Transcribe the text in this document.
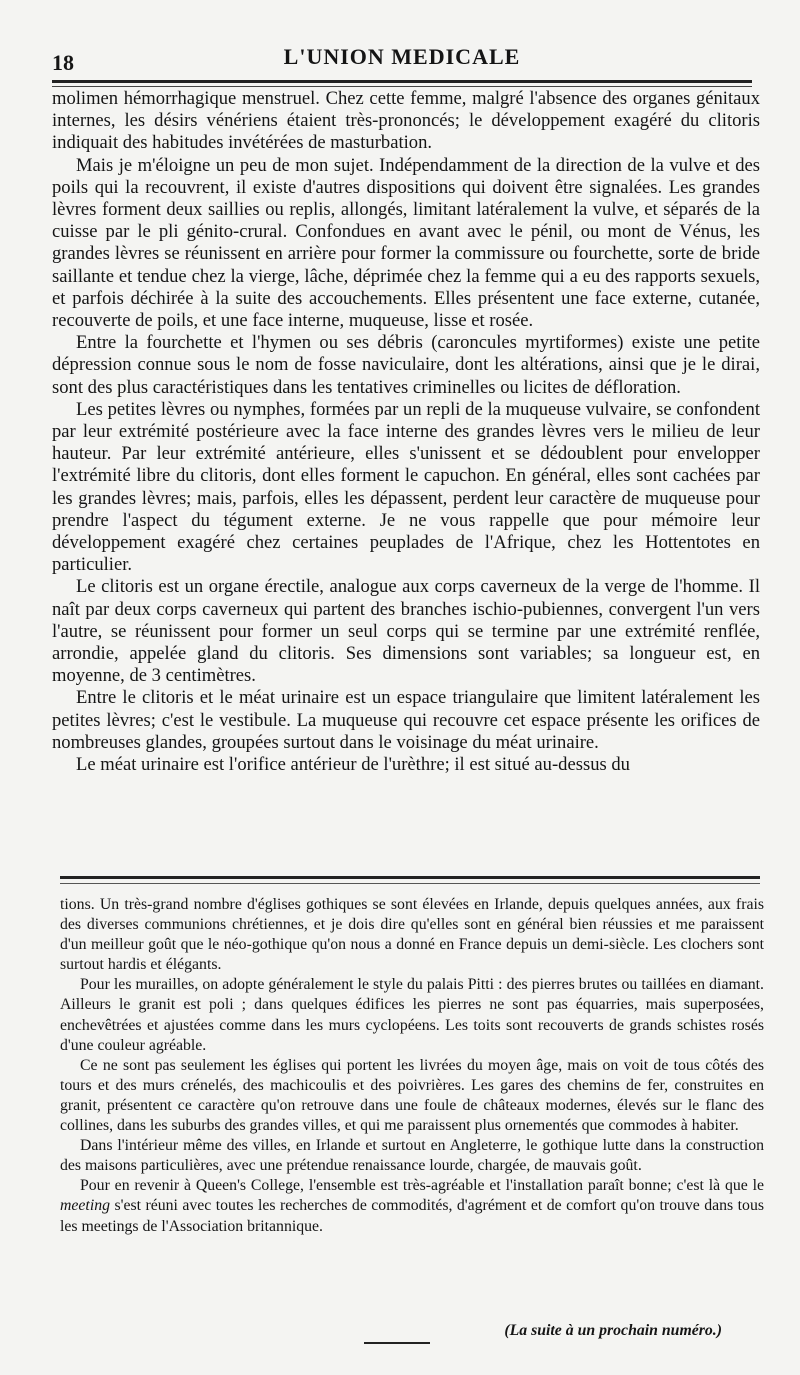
18	L'UNION MEDICALE

molimen hémorrhagique menstruel. Chez cette femme, malgré l'absence des organes génitaux internes, les désirs vénériens étaient très-prononcés; le développement exagéré du clitoris indiquait des habitudes invétérées de masturbation.

Mais je m'éloigne un peu de mon sujet. Indépendamment de la direction de la vulve et des poils qui la recouvrent, il existe d'autres dispositions qui doivent être signalées. Les grandes lèvres forment deux saillies ou replis, allongés, limitant latéralement la vulve, et séparés de la cuisse par le pli génito-crural. Confondues en avant avec le pénil, ou mont de Vénus, les grandes lèvres se réunissent en arrière pour former la commissure ou fourchette, sorte de bride saillante et tendue chez la vierge, lâche, déprimée chez la femme qui a eu des rapports sexuels, et parfois déchirée à la suite des accouchements. Elles présentent une face externe, cutanée, recouverte de poils, et une face interne, muqueuse, lisse et rosée.

Entre la fourchette et l'hymen ou ses débris (caroncules myrtiformes) existe une petite dépression connue sous le nom de fosse naviculaire, dont les altérations, ainsi que je le dirai, sont des plus caractéristiques dans les tentatives criminelles ou licites de défloration.

Les petites lèvres ou nymphes, formées par un repli de la muqueuse vulvaire, se confondent par leur extrémité postérieure avec la face interne des grandes lèvres vers le milieu de leur hauteur. Par leur extrémité antérieure, elles s'unissent et se dédoublent pour envelopper l'extrémité libre du clitoris, dont elles forment le capuchon. En général, elles sont cachées par les grandes lèvres; mais, parfois, elles les dépassent, perdent leur caractère de muqueuse pour prendre l'aspect du tégument externe. Je ne vous rappelle que pour mémoire leur développement exagéré chez certaines peuplades de l'Afrique, chez les Hottentotes en particulier.

Le clitoris est un organe érectile, analogue aux corps caverneux de la verge de l'homme. Il naît par deux corps caverneux qui partent des branches ischio-pubiennes, convergent l'un vers l'autre, se réunissent pour former un seul corps qui se termine par une extrémité renflée, arrondie, appelée gland du clitoris. Ses dimensions sont variables; sa longueur est, en moyenne, de 3 centimètres.

Entre le clitoris et le méat urinaire est un espace triangulaire que limitent latéralement les petites lèvres; c'est le vestibule. La muqueuse qui recouvre cet espace présente les orifices de nombreuses glandes, groupées surtout dans le voisinage du méat urinaire.

Le méat urinaire est l'orifice antérieur de l'urèthre; il est situé au-dessus du

tions. Un très-grand nombre d'églises gothiques se sont élevées en Irlande, depuis quelques années, aux frais des diverses communions chrétiennes, et je dois dire qu'elles sont en général bien réussies et me paraissent d'un meilleur goût que le néo-gothique qu'on nous a donné en France depuis un demi-siècle. Les clochers sont surtout hardis et élégants.

Pour les murailles, on adopte généralement le style du palais Pitti : des pierres brutes ou taillées en diamant. Ailleurs le granit est poli ; dans quelques édifices les pierres ne sont pas équarries, mais superposées, enchevêtrées et ajustées comme dans les murs cyclopéens. Les toits sont recouverts de grands schistes rosés d'une couleur agréable.

Ce ne sont pas seulement les églises qui portent les livrées du moyen âge, mais on voit de tous côtés des tours et des murs crénelés, des machicoulis et des poivrières. Les gares des chemins de fer, construites en granit, présentent ce caractère qu'on retrouve dans une foule de châteaux modernes, élevés sur le flanc des collines, dans les suburbs des grandes villes, et qui me paraissent plus ornementés que commodes à habiter.

Dans l'intérieur même des villes, en Irlande et surtout en Angleterre, le gothique lutte dans la construction des maisons particulières, avec une prétendue renaissance lourde, chargée, de mauvais goût.

Pour en revenir à Queen's College, l'ensemble est très-agréable et l'installation paraît bonne; c'est là que le meeting s'est réuni avec toutes les recherches de commodités, d'agrément et de comfort qu'on trouve dans tous les meetings de l'Association britannique.

(La suite à un prochain numéro.)
